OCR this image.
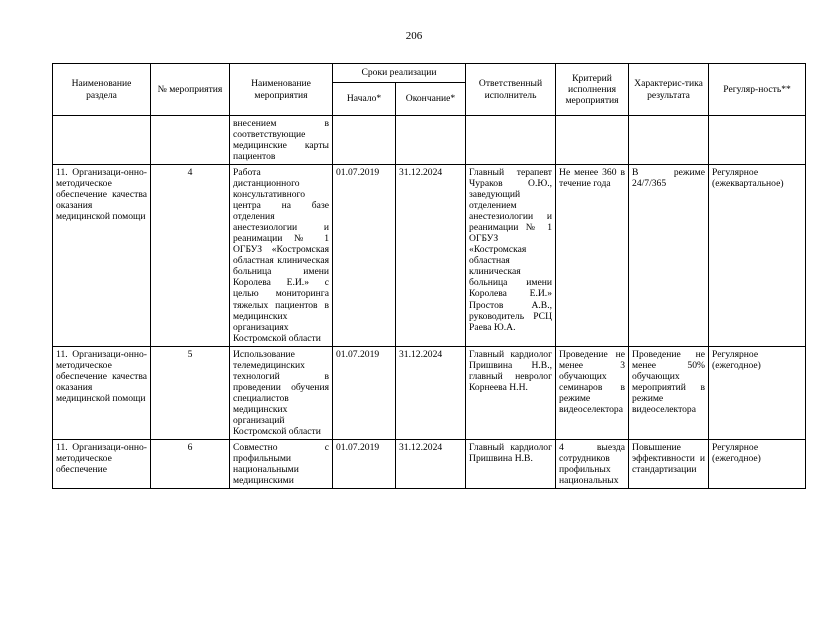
206
Наименование раздела	№ мероприятия	Наименование мероприятия	Сроки реализации		Ответственный исполнитель	Критерий исполнения мероприятия	Характерис-тика результата	Регуляр-ность**
			Начало*	Окончание*				
		внесением в соответствующие медицинские карты пациентов						
11. Организаци-онно-методическое обеспечение качества оказания медицинской помощи	4	Работа дистанционного консультативного центра на базе отделения анестезиологии и реанимации № 1 ОГБУЗ «Костромская областная клиническая больница имени Королева Е.И.» с целью мониторинга тяжелых пациентов в медицинских организациях Костромской области	01.07.2019	31.12.2024	Главный терапевт Чураков О.Ю., заведующий отделением анестезиологии и реанимации № 1 ОГБУЗ «Костромская областная клиническая больница имени Королева Е.И.» Простов А.В., руководитель РСЦ Раева Ю.А.	Не менее 360 в течение года	В режиме 24/7/365	Регулярное (ежеквартальное)
11. Организаци-онно-методическое обеспечение качества оказания медицинской помощи	5	Использование телемедицинских технологий в проведении обучения специалистов медицинских организаций Костромской области	01.07.2019	31.12.2024	Главный кардиолог Пришвина Н.В., главный невролог Корнеева Н.Н.	Проведение не менее 3 обучающих семинаров в режиме видеоселектора	Проведение не менее 50% обучающих мероприятий в режиме видеоселектора	Регулярное (ежегодное)
11. Организаци-онно-методическое обеспечение	6	Совместно с профильными национальными медицинскими	01.07.2019	31.12.2024	Главный кардиолог Пришвина Н.В.	4 выезда сотрудников профильных национальных	Повышение эффективности и стандартизации	Регулярное (ежегодное)
